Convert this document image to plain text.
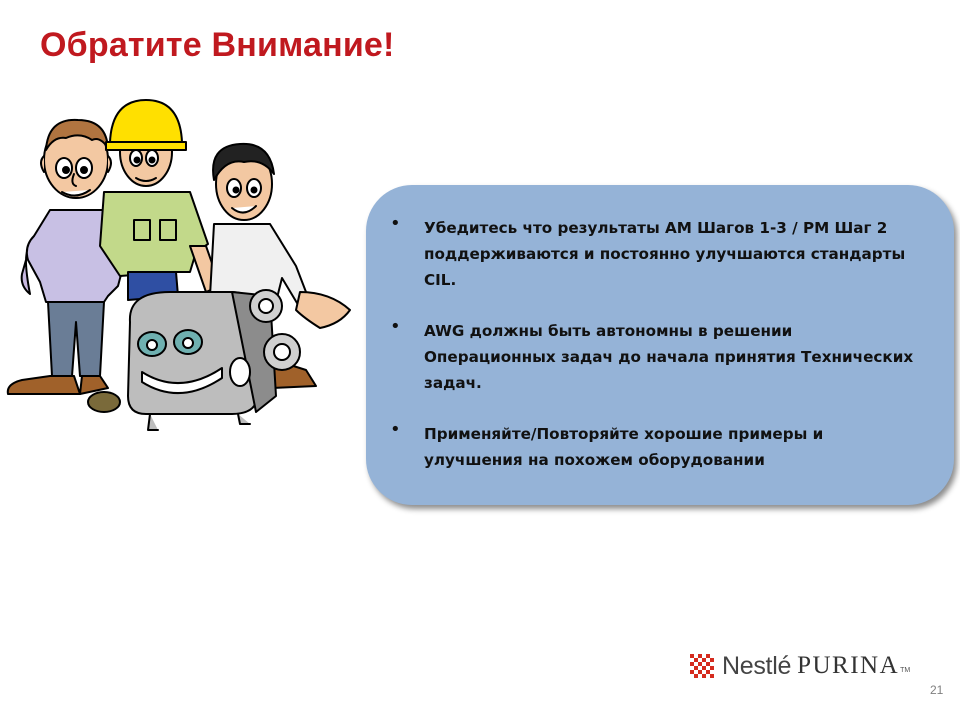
Обратите Внимание!
• Убедитесь что результаты АМ Шагов 1-3 / PM Шаг 2 поддерживаются и постоянно улучшаются стандарты CIL.
• AWG должны быть автономны в решении Операционных задач до начала принятия Технических задач.
• Применяйте/Повторяйте хорошие примеры и улучшения на похожем оборудовании
Nestlé PURINA TM
21
